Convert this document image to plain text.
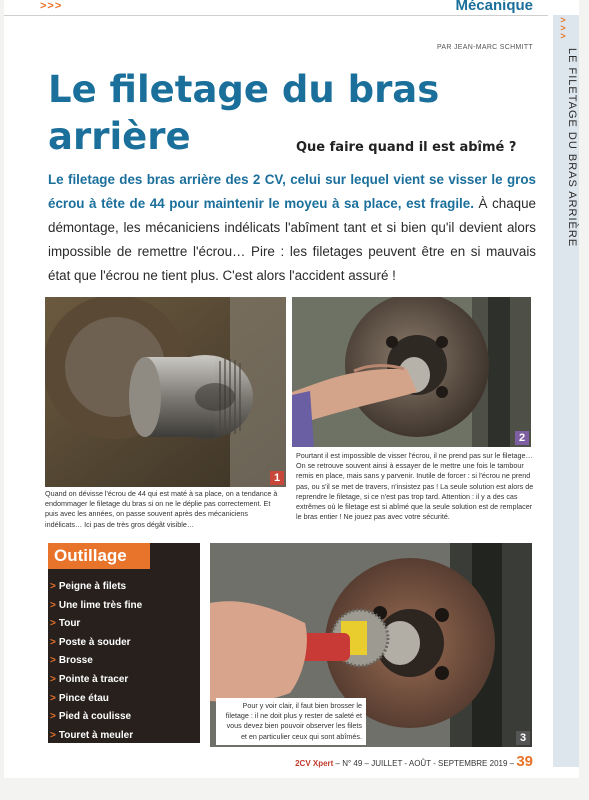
>>>	Mécanique
>
>
>
LE FILETAGE DU BRAS ARRIÈRE
PAR JEAN-MARC SCHMITT
Le filetage du bras arrière	Que faire quand il est abîmé ?
Le filetage des bras arrière des 2 CV, celui sur lequel vient se visser le gros écrou à tête de 44 pour maintenir le moyeu à sa place, est fragile. À chaque démontage, les mécaniciens indélicats l'abîment tant et si bien qu'il devient alors impossible de remettre l'écrou… Pire : les filetages peuvent être en si mauvais état que l'écrou ne tient plus. C'est alors l'accident assuré !
1
Quand on dévisse l'écrou de 44 qui est maté à sa place, on a tendance à endommager le filetage du bras si on ne le déplie pas correctement. Et puis avec les années, on passe souvent après des mécaniciens indélicats… Ici pas de très gros dégât visible…
2
Pourtant il est impossible de visser l'écrou, il ne prend pas sur le filetage… On se retrouve souvent ainsi à essayer de le mettre une fois le tambour remis en place, mais sans y parvenir. Inutile de forcer : si l'écrou ne prend pas, ou s'il se met de travers, n'insistez pas ! La seule solution est alors de reprendre le filetage, si ce n'est pas trop tard. Attention : il y a des cas extrêmes où le filetage est si abîmé que la seule solution est de remplacer le bras entier ! Ne jouez pas avec votre sécurité.
Outillage
> Peigne à filets
> Une lime très fine
> Tour
> Poste à souder
> Brosse
> Pointe à tracer
> Pince étau
> Pied à coulisse
> Touret à meuler	3
Pour y voir clair, il faut bien brosser le filetage : il ne doit plus y rester de saleté et vous devez bien pouvoir observer les filets et en particulier ceux qui sont abîmés.
2CV Xpert – N° 49 – JUILLET - AOÛT - SEPTEMBRE 2019 – 39
